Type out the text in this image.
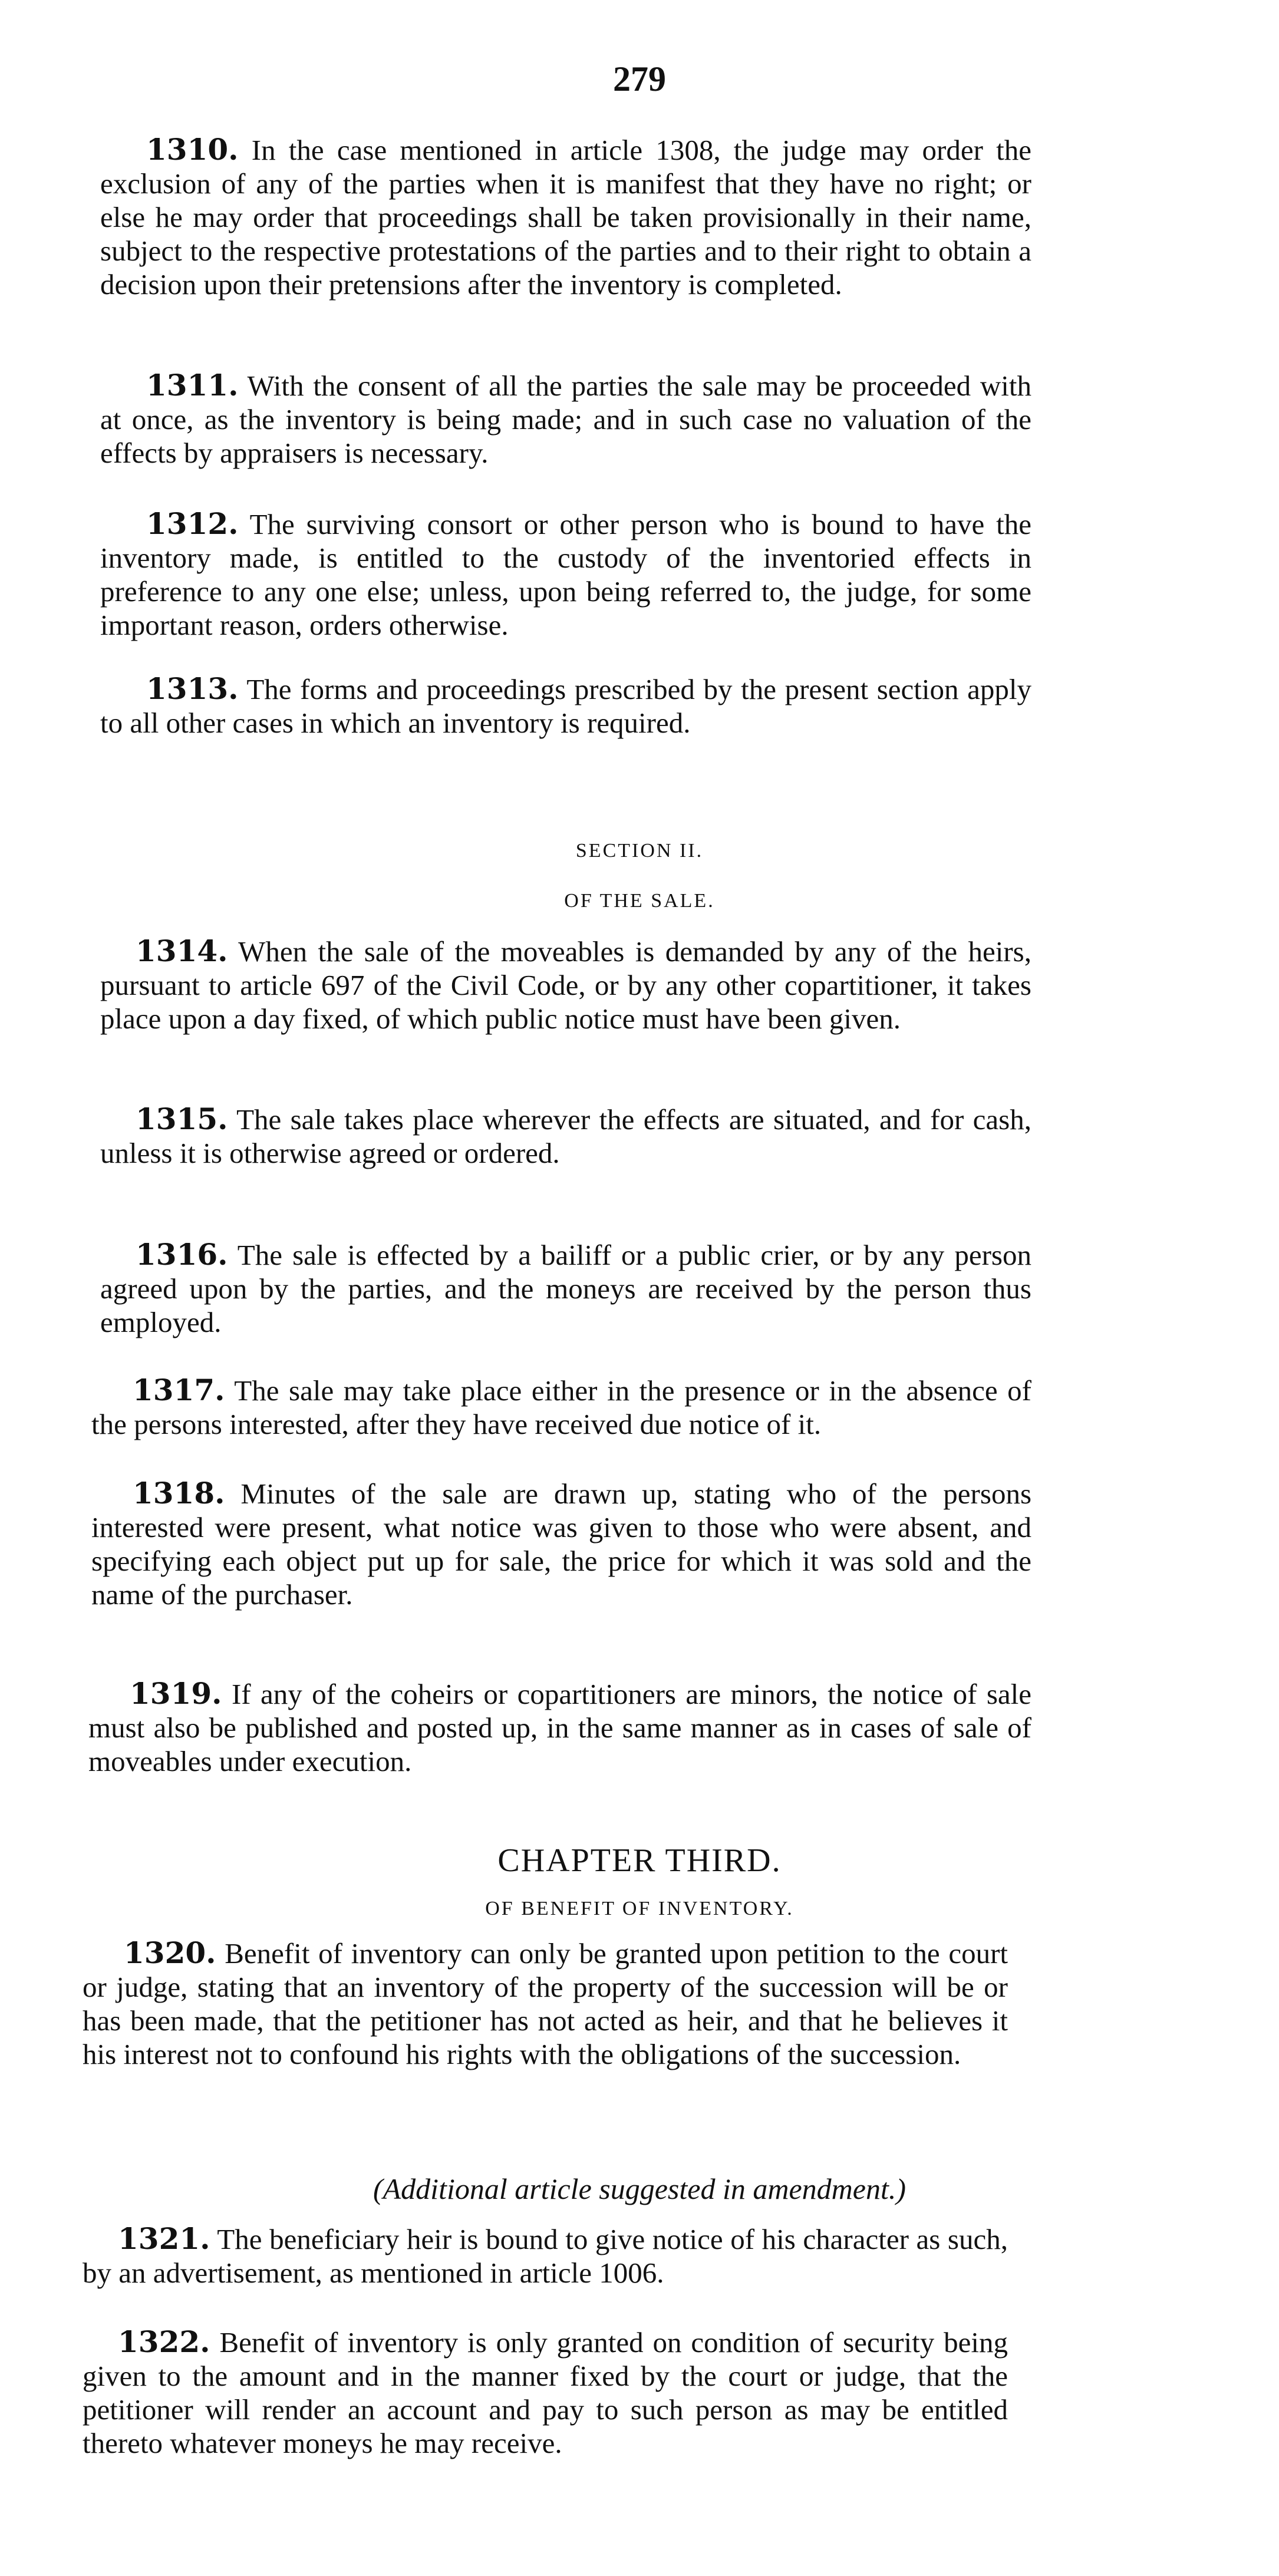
279

1310. In the case mentioned in article 1308, the judge may order the exclusion of any of the parties when it is manifest that they have no right; or else he may order that proceedings shall be taken provisionally in their name, subject to the respective protestations of the parties and to their right to obtain a decision upon their pretensions after the inventory is completed.

1311. With the consent of all the parties the sale may be proceeded with at once, as the inventory is being made; and in such case no valuation of the effects by appraisers is necessary.

1312. The surviving consort or other person who is bound to have the inventory made, is entitled to the custody of the inventoried effects in preference to any one else; unless, upon being referred to, the judge, for some important reason, orders otherwise.

1313. The forms and proceedings prescribed by the present section apply to all other cases in which an inventory is required.

SECTION II.
OF THE SALE.

1314. When the sale of the moveables is demanded by any of the heirs, pursuant to article 697 of the Civil Code, or by any other copartitioner, it takes place upon a day fixed, of which public notice must have been given.

1315. The sale takes place wherever the effects are situated, and for cash, unless it is otherwise agreed or ordered.

1316. The sale is effected by a bailiff or a public crier, or by any person agreed upon by the parties, and the moneys are received by the person thus employed.

1317. The sale may take place either in the presence or in the absence of the persons interested, after they have received due notice of it.

1318. Minutes of the sale are drawn up, stating who of the persons interested were present, what notice was given to those who were absent, and specifying each object put up for sale, the price for which it was sold and the name of the purchaser.

1319. If any of the coheirs or copartitioners are minors, the notice of sale must also be published and posted up, in the same manner as in cases of sale of moveables under execution.

CHAPTER THIRD.
OF BENEFIT OF INVENTORY.

1320. Benefit of inventory can only be granted upon petition to the court or judge, stating that an inventory of the property of the succession will be or has been made, that the petitioner has not acted as heir, and that he believes it his interest not to confound his rights with the obligations of the succession.

(Additional article suggested in amendment.)

1321. The beneficiary heir is bound to give notice of his character as such, by an advertisement, as mentioned in article 1006.

1322. Benefit of inventory is only granted on condition of security being given to the amount and in the manner fixed by the court or judge, that the petitioner will render an account and pay to such person as may be entitled thereto whatever moneys he may receive.
